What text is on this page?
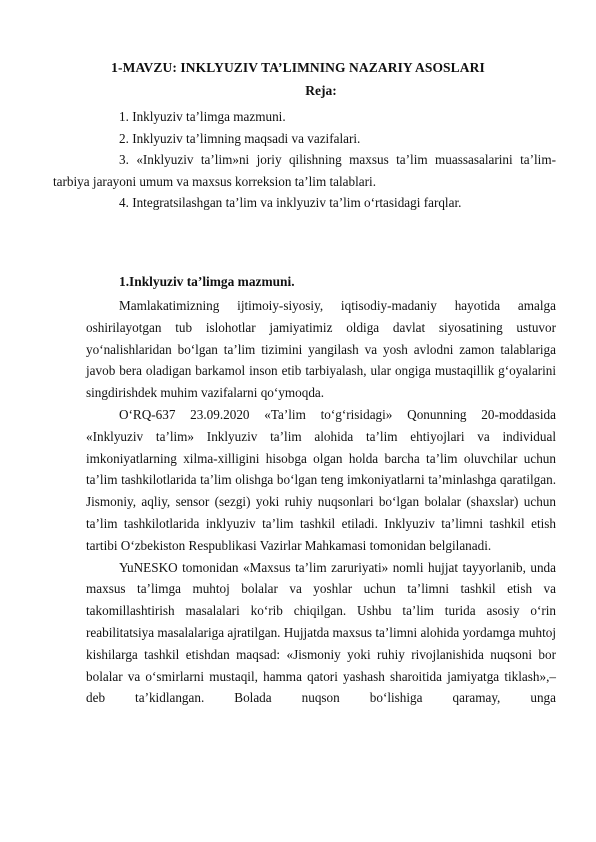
1-MAVZU: INKLYUZIV TA’LIMNING NAZARIY ASOSLARI
Reja:

1. Inklyuziv ta’limga mazmuni.

2. Inklyuziv ta’limning maqsadi va vazifalari.

3. «Inklyuziv ta’lim»ni joriy qilishning maxsus ta’lim muassasalarini ta’lim-tarbiya jarayoni umum va maxsus korreksion ta’lim talablari.

4. Integratsilashgan ta’lim va inklyuziv ta’lim o‘rtasidagi farqlar.

1.Inklyuziv ta’limga mazmuni.

Mamlakatimizning ijtimoiy-siyosiy, iqtisodiy-madaniy hayotida amalga oshirilayotgan tub islohotlar jamiyatimiz oldiga davlat siyosatining ustuvor yo‘nalishlaridan bo‘lgan ta’lim tizimini yangilash va yosh avlodni zamon talablariga javob bera oladigan barkamol inson etib tarbiyalash, ular ongiga mustaqillik g‘oyalarini singdirishdek muhim vazifalarni qo‘ymoqda.

O‘RQ-637 23.09.2020 «Ta’lim to‘g‘risidagi» Qonunning 20-moddasida «Inklyuziv ta’lim» Inklyuziv ta’lim alohida ta’lim ehtiyojlari va individual imkoniyatlarning xilma-xilligini hisobga olgan holda barcha ta’lim oluvchilar uchun ta’lim tashkilotlarida ta’lim olishga bo‘lgan teng imkoniyatlarni ta’minlashga qaratilgan. Jismoniy, aqliy, sensor (sezgi) yoki ruhiy nuqsonlari bo‘lgan bolalar (shaxslar) uchun ta’lim tashkilotlarida inklyuziv ta’lim tashkil etiladi. Inklyuziv ta’limni tashkil etish tartibi O‘zbekiston Respublikasi Vazirlar Mahkamasi tomonidan belgilanadi.

YuNESKO tomonidan «Maxsus ta’lim zaruriyati» nomli hujjat tayyorlanib, unda maxsus ta’limga muhtoj bolalar va yoshlar uchun ta’limni tashkil etish va takomillashtirish masalalari ko‘rib chiqilgan. Ushbu ta’lim turida asosiy o‘rin reabilitatsiya masalalariga ajratilgan. Hujjatda maxsus ta’limni alohida yordamga muhtoj kishilarga tashkil etishdan maqsad: «Jismoniy yoki ruhiy rivojlanishida nuqsoni bor bolalar va o‘smirlarni mustaqil, hamma qatori yashash sharoitida jamiyatga tiklash»,– deb ta’kidlangan. Bolada nuqson bo‘lishiga qaramay, unga
